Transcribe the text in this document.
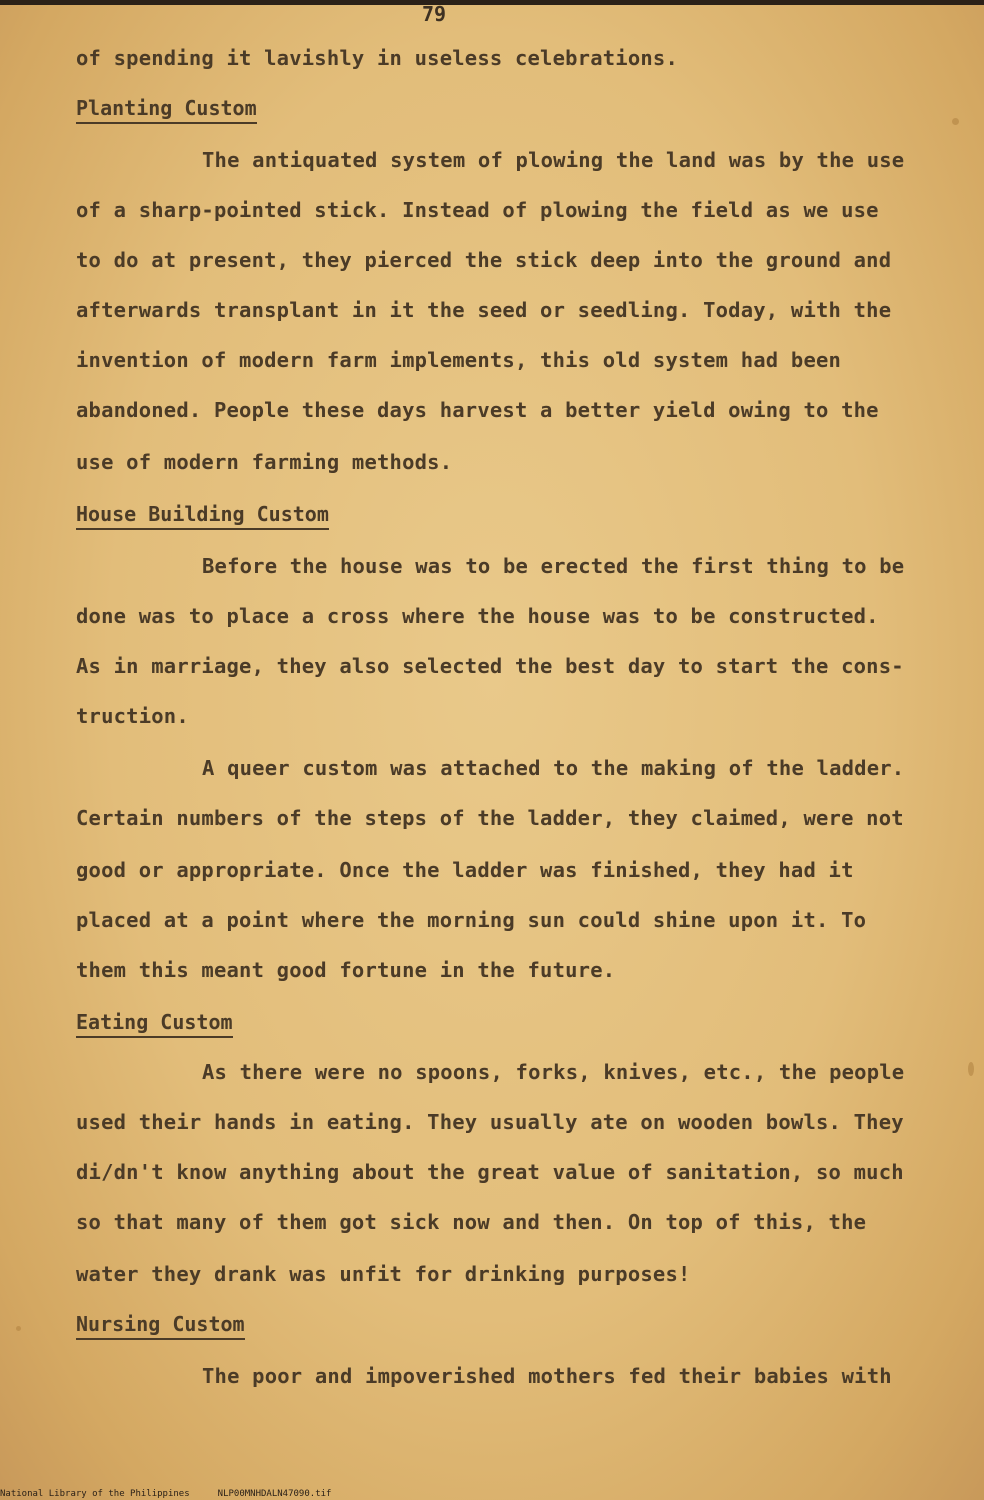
79
of spending it lavishly in useless celebrations.
Planting Custom
The antiquated system of plowing the land was by the use
of a sharp-pointed stick. Instead of plowing the field as we use
to do at present, they pierced the stick deep into the ground and
afterwards transplant in it the seed or seedling. Today, with the
invention of modern farm implements, this old system had been
abandoned. People these days harvest a better yield owing to the
use of modern farming methods.
House Building Custom
Before the house was to be erected the first thing to be
done was to place a cross where the house was to be constructed.
As in marriage, they also selected the best day to start the cons-
truction.
A queer custom was attached to the making of the ladder.
Certain numbers of the steps of the ladder, they claimed, were not
good or appropriate. Once the ladder was finished, they had it
placed at a point where the morning sun could shine upon it. To
them this meant good fortune in the future.
Eating Custom
As there were no spoons, forks, knives, etc., the people
used their hands in eating. They usually ate on wooden bowls. They
di/dn't know anything about the great value of sanitation, so much
so that many of them got sick now and then. On top of this, the
water they drank was unfit for drinking purposes!
Nursing Custom
The poor and impoverished mothers fed their babies with
National Library of the Philippines	NLP00MNHDALN47090.tif
